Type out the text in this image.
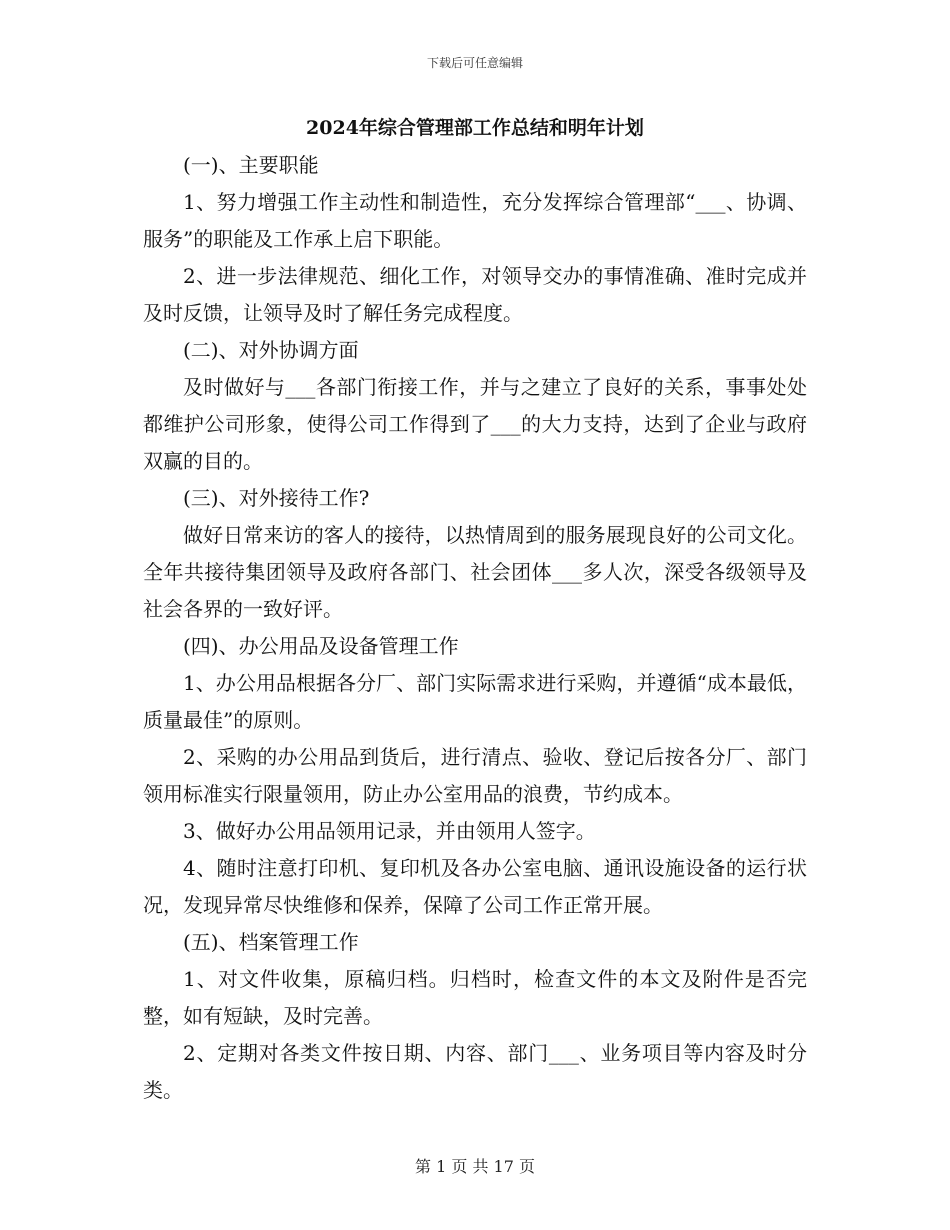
下载后可任意编辑
2024年综合管理部工作总结和明年计划

(一)、主要职能

1、努力增强工作主动性和制造性，充分发挥综合管理部“___、协调、服务”的职能及工作承上启下职能。

2、进一步法律规范、细化工作，对领导交办的事情准确、准时完成并及时反馈，让领导及时了解任务完成程度。

(二)、对外协调方面

及时做好与___各部门衔接工作，并与之建立了良好的关系，事事处处都维护公司形象，使得公司工作得到了___的大力支持，达到了企业与政府双赢的目的。

(三)、对外接待工作?

做好日常来访的客人的接待，以热情周到的服务展现良好的公司文化。全年共接待集团领导及政府各部门、社会团体___多人次，深受各级领导及社会各界的一致好评。

(四)、办公用品及设备管理工作

1、办公用品根据各分厂、部门实际需求进行采购，并遵循“成本最低，质量最佳”的原则。

2、采购的办公用品到货后，进行清点、验收、登记后按各分厂、部门领用标准实行限量领用，防止办公室用品的浪费，节约成本。

3、做好办公用品领用记录，并由领用人签字。

4、随时注意打印机、复印机及各办公室电脑、通讯设施设备的运行状况，发现异常尽快维修和保养，保障了公司工作正常开展。

(五)、档案管理工作

1、对文件收集，原稿归档。归档时，检查文件的本文及附件是否完整，如有短缺，及时完善。

2、定期对各类文件按日期、内容、部门___、业务项目等内容及时分类。

第 1 页 共 17 页
